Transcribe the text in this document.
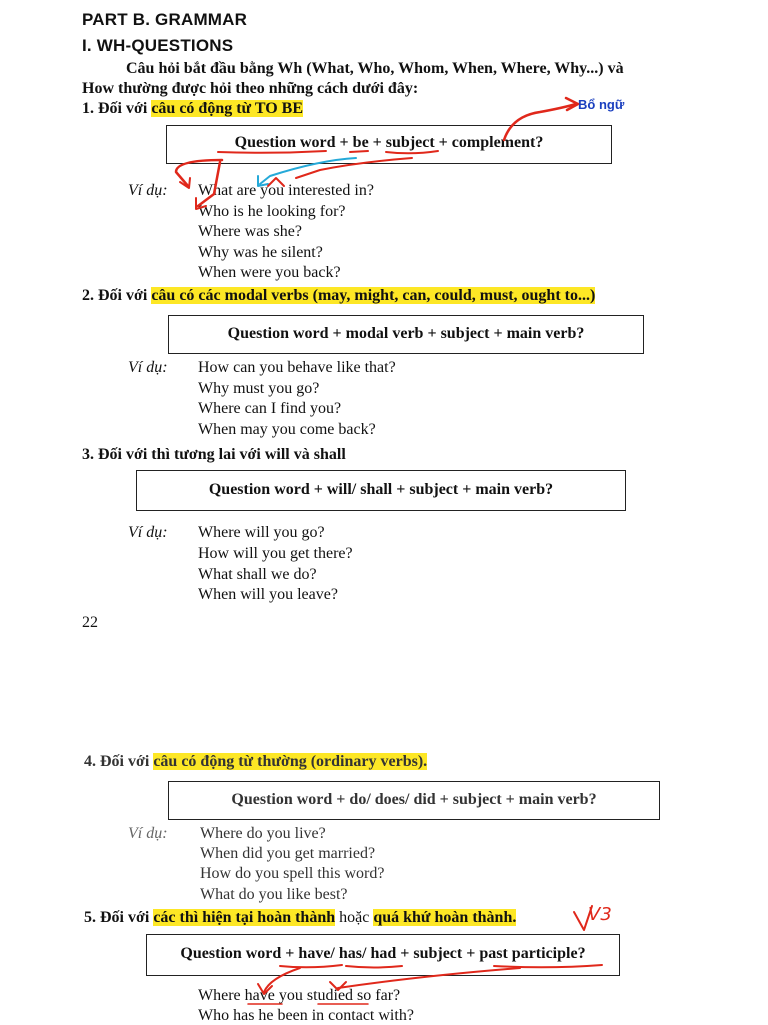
PART B. GRAMMAR
I. WH-QUESTIONS
Câu hỏi bắt đầu bằng Wh (What, Who, Whom, When, Where, Why...) và
How thường được hỏi theo những cách dưới đây:
1. Đối với câu có động từ TO BE	Bổ ngữ
Question word + be + subject + complement?
Ví dụ: What are you interested in?
Who is he looking for?
Where was she?
Why was he silent?
When were you back?
2. Đối với câu có các modal verbs (may, might, can, could, must, ought to...)
Question word + modal verb + subject + main verb?
Ví dụ: How can you behave like that?
Why must you go?
Where can I find you?
When may you come back?
3. Đối với thì tương lai với will và shall
Question word + will/ shall + subject + main verb?
Ví dụ: Where will you go?
How will you get there?
What shall we do?
When will you leave?
22
4. Đối với câu có động từ thường (ordinary verbs).
Question word + do/ does/ did + subject + main verb?
Ví dụ: Where do you live?
When did you get married?
How do you spell this word?
What do you like best?
5. Đối với các thì hiện tại hoàn thành hoặc quá khứ hoàn thành.	V3
Question word + have/ has/ had + subject + past participle?
Where have you studied so far?
Who has he been in contact with?
